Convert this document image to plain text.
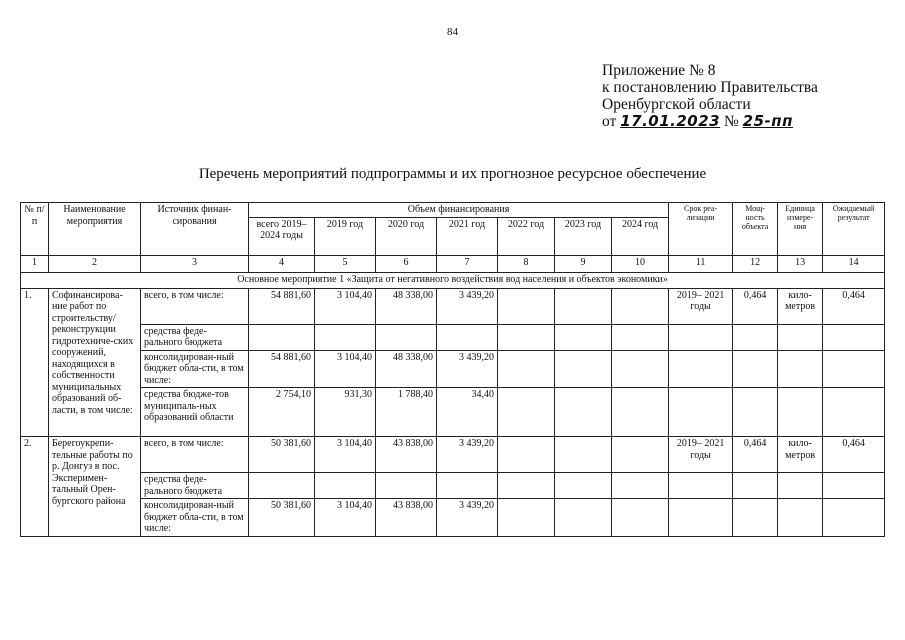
84
Приложение № 8
к постановлению Правительства
Оренбургской области
от 17.01.2023 № 25-пп
Перечень мероприятий подпрограммы и их прогнозное ресурсное обеспечение
№ п/п	Наименование мероприятия	Источник финан-сирования	Объем финансирования							Срок реа-лизации	Мощ-ность объекта	Единица измере-ния	Ожидаемый результат
			всего 2019– 2024 годы	2019 год	2020 год	2021 год	2022 год	2023 год	2024 год				
1	2	3	4	5	6	7	8	9	10	11	12	13	14
Основное мероприятие 1 «Защита от негативного воздействия вод населения и объектов экономики»													
1.	Софинансирова-ние работ по строительству/ реконструкции гидротехниче-ских сооружений, находящихся в собственности муниципальных образований об-ласти, в том числе:	всего, в том числе:	54 881,60	3 104,40	48 338,00	3 439,20				2019– 2021 годы	0,464	кило-метров	0,464
		средства феде-рального бюджета											
		консолидирован-ный бюджет обла-сти, в том числе:	54 881,60	3 104,40	48 338,00	3 439,20							
		средства бюдже-тов муниципаль-ных образований области	2 754,10	931,30	1 788,40	34,40							
2.	Берегоукрепи-тельные работы по р. Донгуз в пос. Эксперимен-тальный Орен-бургского района	всего, в том числе:	50 381,60	3 104,40	43 838,00	3 439,20				2019– 2021 годы	0,464	кило-метров	0,464
		средства феде-рального бюджета											
		консолидирован-ный бюджет обла-сти, в том числе:	50 381,60	3 104,40	43 838,00	3 439,20							
